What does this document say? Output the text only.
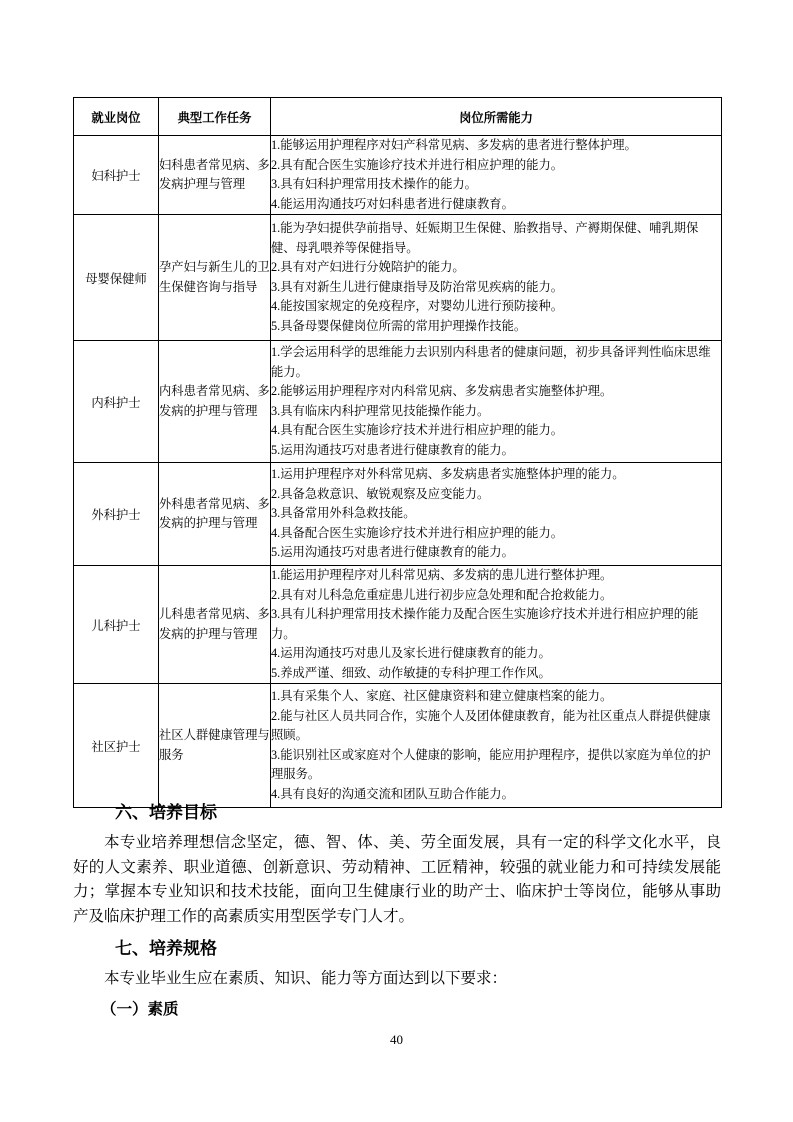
就业岗位	典型工作任务	岗位所需能力
妇科护士	妇科患者常见病、多发病护理与管理	1.能够运用护理程序对妇产科常见病、多发病的患者进行整体护理。
2.具有配合医生实施诊疗技术并进行相应护理的能力。
3.具有妇科护理常用技术操作的能力。
4.能运用沟通技巧对妇科患者进行健康教育。

母婴保健师	孕产妇与新生儿的卫生保健咨询与指导	1.能为孕妇提供孕前指导、妊娠期卫生保健、胎教指导、产褥期保健、哺乳期保健、母乳喂养等保健指导。
2.具有对产妇进行分娩陪护的能力。
3.具有对新生儿进行健康指导及防治常见疾病的能力。
4.能按国家规定的免疫程序，对婴幼儿进行预防接种。
5.具备母婴保健岗位所需的常用护理操作技能。

内科护士	内科患者常见病、多发病的护理与管理	1.学会运用科学的思维能力去识别内科患者的健康问题，初步具备评判性临床思维能力。
2.能够运用护理程序对内科常见病、多发病患者实施整体护理。
3.具有临床内科护理常见技能操作能力。
4.具有配合医生实施诊疗技术并进行相应护理的能力。
5.运用沟通技巧对患者进行健康教育的能力。

外科护士	外科患者常见病、多发病的护理与管理	1.运用护理程序对外科常见病、多发病患者实施整体护理的能力。
2.具备急救意识、敏锐观察及应变能力。
3.具备常用外科急救技能。
4.具备配合医生实施诊疗技术并进行相应护理的能力。
5.运用沟通技巧对患者进行健康教育的能力。

儿科护士	儿科患者常见病、多发病的护理与管理	1.能运用护理程序对儿科常见病、多发病的患儿进行整体护理。
2.具有对儿科急危重症患儿进行初步应急处理和配合抢救能力。
3.具有儿科护理常用技术操作能力及配合医生实施诊疗技术并进行相应护理的能力。
4.运用沟通技巧对患儿及家长进行健康教育的能力。
5.养成严谨、细致、动作敏捷的专科护理工作作风。

社区护士	社区人群健康管理与服务	1.具有采集个人、家庭、社区健康资料和建立健康档案的能力。
2.能与社区人员共同合作，实施个人及团体健康教育，能为社区重点人群提供健康照顾。
3.能识别社区或家庭对个人健康的影响，能应用护理程序，提供以家庭为单位的护理服务。
4.具有良好的沟通交流和团队互助合作能力。
六、培养目标

本专业培养理想信念坚定，德、智、体、美、劳全面发展，具有一定的科学文化水平，良好的人文素养、职业道德、创新意识、劳动精神、工匠精神，较强的就业能力和可持续发展能力；掌握本专业知识和技术技能，面向卫生健康行业的助产士、临床护士等岗位，能够从事助产及临床护理工作的高素质实用型医学专门人才。

七、培养规格

本专业毕业生应在素质、知识、能力等方面达到以下要求：

（一）素质

40
